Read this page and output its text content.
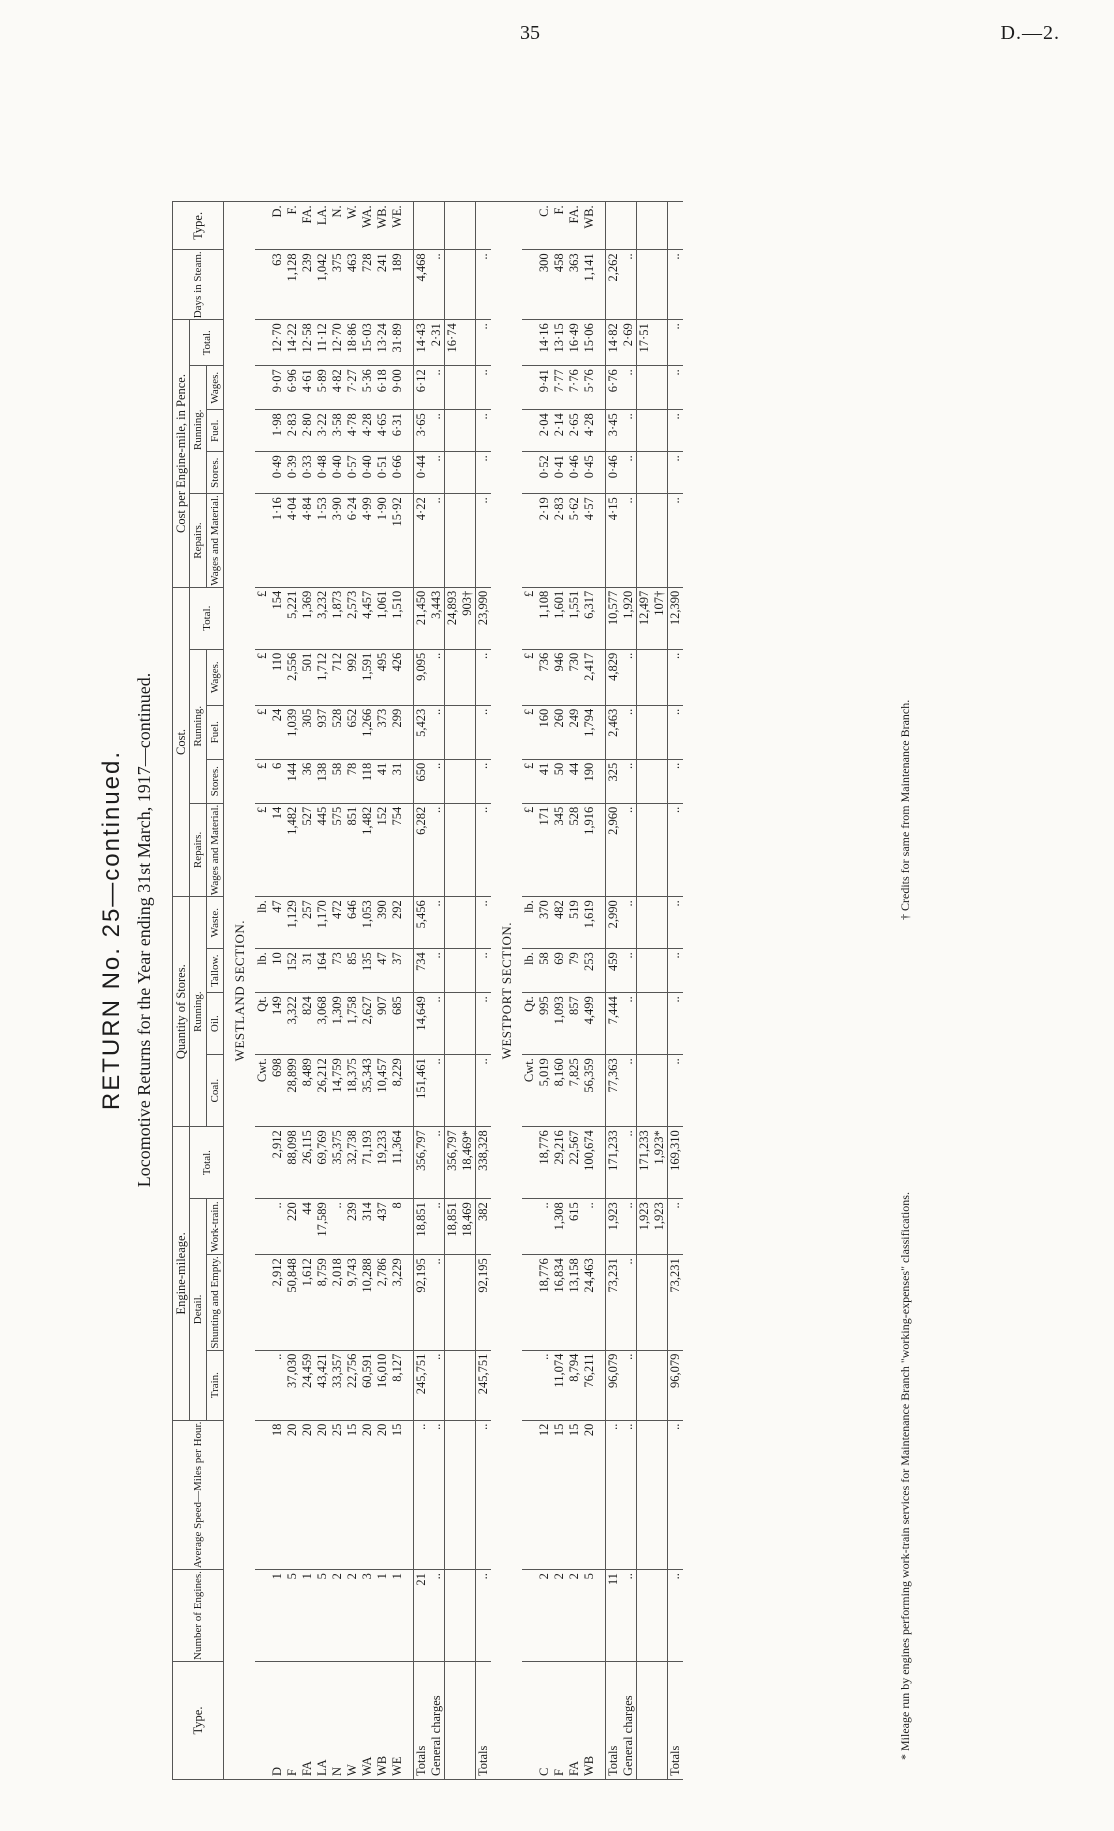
35	D.—2.
RETURN No. 25—continued. Locomotive Returns for the Year ending 31st March, 1917—continued.
Type.	Number of Engines.	Average Speed—Miles per Hour.	Engine-mileage.				Quantity of Stores.				Cost.					Cost per Engine-mile, in Pence.					Days in Steam.	Type.
			Detail.			Total.	Running.				Repairs.	Running.			Total.	Repairs.	Running.			Total.		
			Train.	Shunting and Empty.	Work-train.																	
							Coal.	Oil.	Tallow.	Waste.	Wages and Material.	Stores.	Fuel.	Wages.		Wages and Material.	Stores.	Fuel.	Wages.			
WESTLAND SECTION.																						
							Cwt.	Qt.	lb.	lb.	£	£	£	£	£							
D	1	18	..	2,912	..	2,912	698	149	10	47	14	6	24	110	154	1·16	0·49	1·98	9·07	12·70	63	D.
F	5	20	37,030	50,848	220	88,098	28,899	3,322	152	1,129	1,482	144	1,039	2,556	5,221	4·04	0·39	2·83	6·96	14·22	1,128	F.
FA	1	20	24,459	1,612	44	26,115	8,489	824	31	257	527	36	305	501	1,369	4·84	0·33	2·80	4·61	12·58	239	FA.
LA	5	20	43,421	8,759	17,589	69,769	26,212	3,068	164	1,170	445	138	937	1,712	3,232	1·53	0·48	3·22	5·89	11·12	1,042	LA.
N	2	25	33,357	2,018	..	35,375	14,759	1,309	73	472	575	58	528	712	1,873	3·90	0·40	3·58	4·82	12·70	375	N.
W	2	15	22,756	9,743	239	32,738	18,375	1,758	85	646	851	78	652	992	2,573	6·24	0·57	4·78	7·27	18·86	463	W.
WA	3	20	60,591	10,288	314	71,193	35,343	2,627	135	1,053	1,482	118	1,266	1,591	4,457	4·99	0·40	4·28	5·36	15·03	728	WA.
WB	1	20	16,010	2,786	437	19,233	10,457	907	47	390	152	41	373	495	1,061	1·90	0·51	4·65	6·18	13·24	241	WB.
WE	1	15	8,127	3,229	8	11,364	8,229	685	37	292	754	31	299	426	1,510	15·92	0·66	6·31	9·00	31·89	189	WE.

Totals	21	..	245,751	92,195	18,851	356,797	151,461	14,649	734	5,456	6,282	650	5,423	9,095	21,450	4·22	0·44	3·65	6·12	14·43	4,468	
General charges	..	..	..	..	..	..	..	..	..	..	..	..	..	..	3,443	..	..	..	..	2·31	..	
					18,851	356,797									24,893					16·74		
					18,469	18,469*									903†							
Totals	..	..	245,751	92,195	382	338,328	..	..	..	..	..	..	..	..	23,990	..	..	..	..	..	..	
WESTPORT SECTION.																						
							Cwt.	Qt.	lb.	lb.	£	£	£	£	£							
C	2	12	..	18,776	..	18,776	5,019	995	58	370	171	41	160	736	1,108	2·19	0·52	2·04	9·41	14·16	300	C.
F	2	15	11,074	16,834	1,308	29,216	8,160	1,093	69	482	345	50	260	946	1,601	2·83	0·41	2·14	7·77	13·15	458	F.
FA	2	15	8,794	13,158	615	22,567	7,825	857	79	519	528	44	249	730	1,551	5·62	0·46	2·65	7·76	16·49	363	FA.
WB	5	20	76,211	24,463	..	100,674	56,359	4,499	253	1,619	1,916	190	1,794	2,417	6,317	4·57	0·45	4·28	5·76	15·06	1,141	WB.

Totals	11	..	96,079	73,231	1,923	171,233	77,363	7,444	459	2,990	2,960	325	2,463	4,829	10,577	4·15	0·46	3·45	6·76	14·82	2,262	
General charges	..	..	..	..	..	..	..	..	..	..	..	..	..	..	1,920	..	..	..	..	2·69	..	
					1,923	171,233									12,497					17·51		
					1,923	1,923*									107†							
Totals	..	..	96,079	73,231	..	169,310	..	..	..	..	..	..	..	..	12,390	..	..	..	..	..	..	
* Mileage run by engines performing work-train services for Maintenance Branch "working-expenses" classifications.
† Credits for same from Maintenance Branch.
